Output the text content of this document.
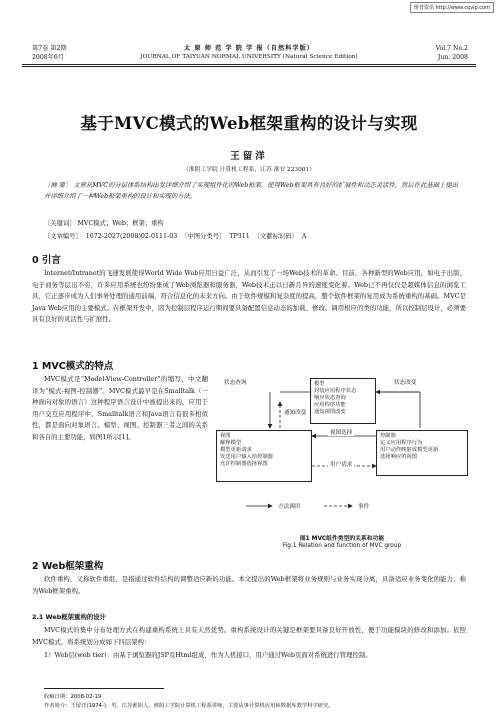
维普资讯 http://www.cqvip.com
第7卷 第2期
2008年6月
太 原 师 范 学 院 学 报（自然科学版）
JOURNAL OF TAIYUAN NORMAL UNIVERSITY (Natural Science Edition)
Vol.7 No.2
Jun. 2008
基于MVC模式的Web框架重构的设计与实现
王留洋
（淮阴工学院 计算机工程系，江苏 淮安 223001）
〔摘 要〕 文章从MVC的分层体系结构出发详细介绍了实现组件化的Web框架，使得Web框架具有良好的扩展性和动态灵活性，然后在此基础上提出并详细介绍了一种Web框架重构的设计和实现的方法。
〔关键词〕 MVC模式；Web；框架；重构
〔文章编号〕 1672-2027(2008)02-0111-03 〔中图分类号〕 TP311 〔文献标识码〕 A
0 引言
Internet/Intranet的飞速发展使得World Wide Web应用日益广泛，从而引发了一场Web技术的革命。目前，各种新型的Web应用，如电子出版、电子商务等层出不穷，许多应用系统也纷纷集成了Web浏览器和服务器，Web技术正以日新月异的速度变化着。Web已不再仅仅是超媒体信息的浏览工具，它正逐步成为人们事务处理的通用前端，符合信息化的未来方向。由于软件规模和复杂度的提高，整个软件框架的复用成为系统重构的基础。MVC是Java Web应用的主要模式。在框架开发中，因为控制层程序运行期间要具备配置信息动态的加载、修改、调用相应的类的功能，所以控制层设计，必须要具有良好的灵活性与扩展性。
1 MVC模式的特点
MVC模式是“Model-View-Controller”的缩写，中文翻译为“模式-视图-控制器”。MVC模式最早是在Smalltalk（一种面向对象的语言）这种程序语言设计中被提出来的，应用于用户交互应用程序中。Smalltalk语言和Java语言有很多相似性，都是面向对象语言。模型、视图、控制器三者之间的关系和各自的主要功能，如图1所示[1]。
模型
封装应用程序状态
响应状态查询
应用程序功能
通知视图改变
视图
解释模型
模型更新请求
发送用户输入给控制器
允许控制器选择视图
控制器
定义应用程序行为
用户动作映射成模型更新
选择响应的视图
状态查询	状态改变
通知改变
视图选择
用户请求
方法调用	事件
图1 MVC组件类型的关系和功能
Fig.1 Relation and function of MVC group
2 Web框架重构
软件重构，又称软件重组，是指通过软件结构的调整适应新的功能。本文提出的Web框架将业务规则与业务实现分离，具备适应业务变化的能力，称为Web框架重构。
2.1 Web框架重构的设计
MVC模式的集中分布处理方式在构建重构系统上具有天然优势。重构系统设计的关键是框架要具备良好开放性，便于功能模块的修改和添加。依照MVC模式，将系统划分成如下四层架构：
1）Web层(web tier)：由基于浏览器的JSP及Html组成，作为人机接口，用户通过Web页面对系统进行管理控制。
收稿日期：2008-02-19
作者简介：王留洋(1974-)，男，江苏淮阴人，淮阴工学院计算机工程系讲师，主要从事计算机应用和数据库教学科学研究。
